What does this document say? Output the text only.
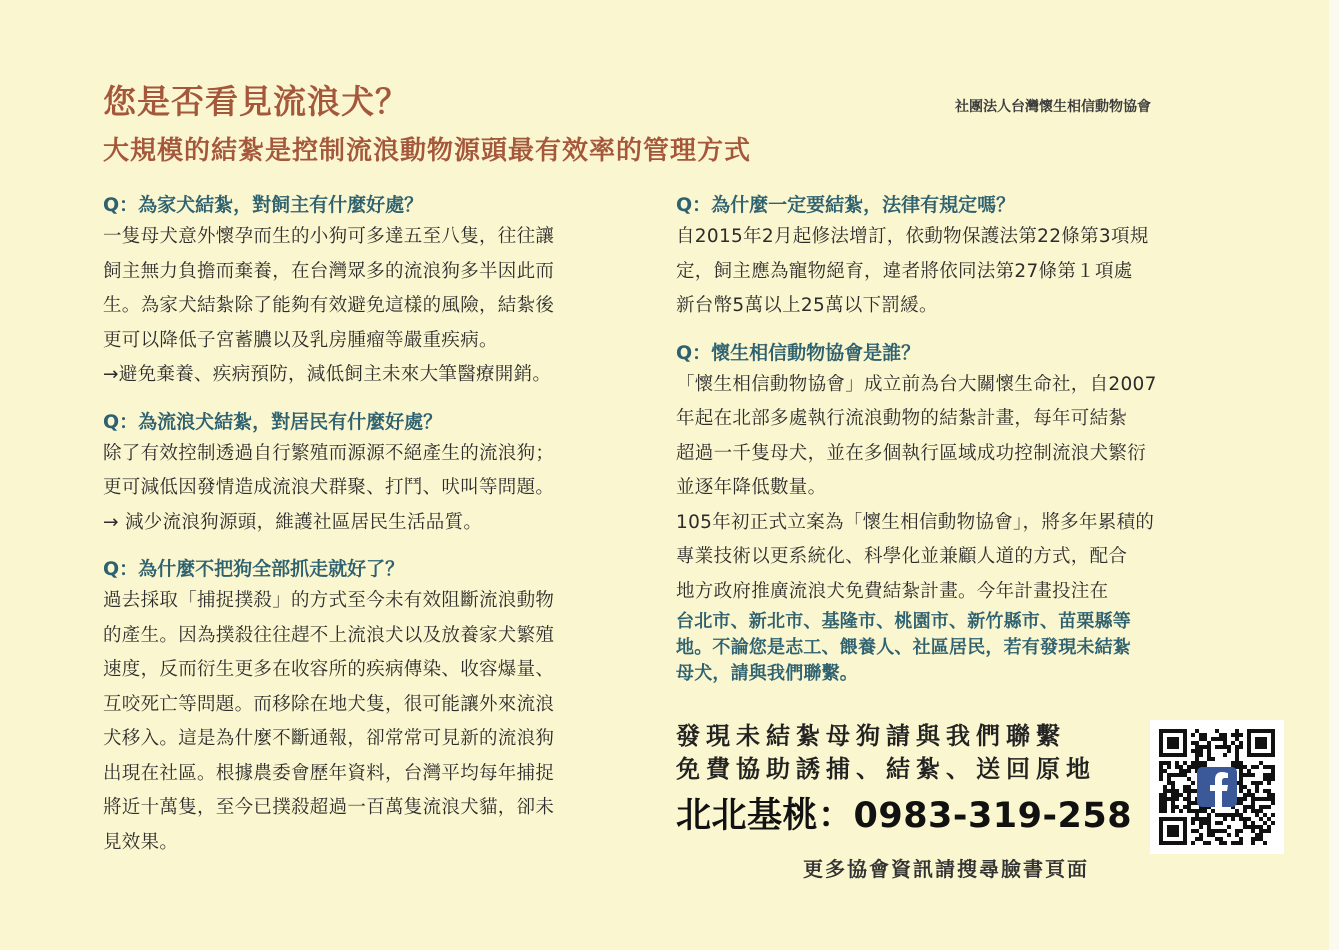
您是否看見流浪犬？
大規模的結紮是控制流浪動物源頭最有效率的管理方式
社團法人台灣懷生相信動物協會
Q：為家犬結紮，對飼主有什麼好處？
一隻母犬意外懷孕而生的小狗可多達五至八隻，往往讓
飼主無力負擔而棄養，在台灣眾多的流浪狗多半因此而
生。為家犬結紮除了能夠有效避免這樣的風險，結紮後
更可以降低子宮蓄膿以及乳房腫瘤等嚴重疾病。
→避免棄養、疾病預防，減低飼主未來大筆醫療開銷。
Q：為流浪犬結紮，對居民有什麼好處？
除了有效控制透過自行繁殖而源源不絕產生的流浪狗；
更可減低因發情造成流浪犬群聚、打鬥、吠叫等問題。
→ 減少流浪狗源頭，維護社區居民生活品質。
Q：為什麼不把狗全部抓走就好了？
過去採取「捕捉撲殺」的方式至今未有效阻斷流浪動物
的產生。因為撲殺往往趕不上流浪犬以及放養家犬繁殖
速度，反而衍生更多在收容所的疾病傳染、收容爆量、
互咬死亡等問題。而移除在地犬隻，很可能讓外來流浪
犬移入。這是為什麼不斷通報，卻常常可見新的流浪狗
出現在社區。根據農委會歷年資料，台灣平均每年捕捉
將近十萬隻，至今已撲殺超過一百萬隻流浪犬貓，卻未
見效果。
Q：為什麼一定要結紮，法律有規定嗎？
自2015年2月起修法增訂，依動物保護法第22條第3項規
定，飼主應為寵物絕育，違者將依同法第27條第１項處
新台幣5萬以上25萬以下罰緩。
Q：懷生相信動物協會是誰？
「懷生相信動物協會」成立前為台大關懷生命社，自2007
年起在北部多處執行流浪動物的結紮計畫，每年可結紮
超過一千隻母犬，並在多個執行區域成功控制流浪犬繁衍
並逐年降低數量。
105年初正式立案為「懷生相信動物協會」，將多年累積的
專業技術以更系統化、科學化並兼顧人道的方式，配合
地方政府推廣流浪犬免費結紮計畫。今年計畫投注在
台北市、新北市、基隆市、桃園市、新竹縣市、苗栗縣等
地。不論您是志工、餵養人、社區居民，若有發現未結紮
母犬，請與我們聯繫。
發現未結紮母狗請與我們聯繫
免費協助誘捕、結紮、送回原地
北北基桃：0983-319-258
更多協會資訊請搜尋臉書頁面
